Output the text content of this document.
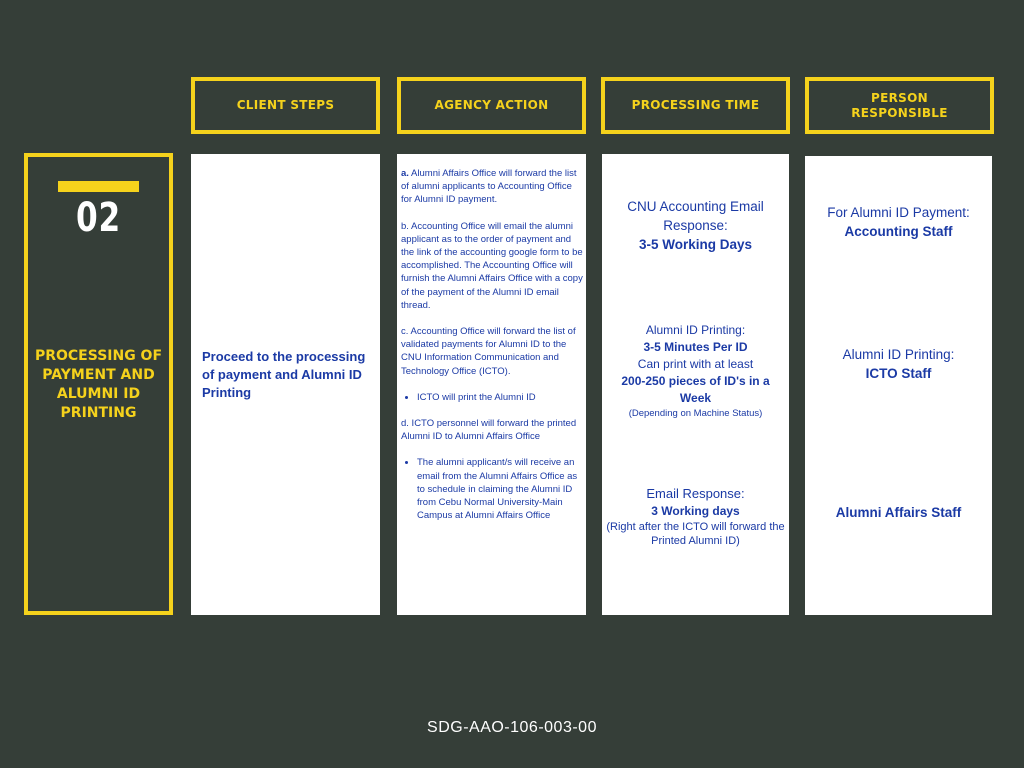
CLIENT STEPS	AGENCY ACTION	PROCESSING TIME
PERSON
RESPONSIBLE
02
PROCESSING OF PAYMENT AND ALUMNI ID PRINTING
Proceed to the processing of payment and Alumni ID Printing

a. Alumni Affairs Office will forward the list of alumni applicants to Accounting Office for Alumni ID payment.

b. Accounting Office will email the alumni applicant as to the order of payment and the link of the accounting google form to be accomplished. The Accounting Office will furnish the Alumni Affairs Office with a copy of the payment of the Alumni ID email thread.

c. Accounting Office will forward the list of validated payments for Alumni ID to the CNU Information Communication and Technology Office (ICTO).

• ICTO will print the Alumni ID

d. ICTO personnel will forward the printed Alumni ID to Alumni Affairs Office

• The alumni applicant/s will receive an email from the Alumni Affairs Office as to schedule in claiming the Alumni ID from Cebu Normal University-Main Campus at Alumni Affairs Office
CNU Accounting Email
Response:
3-5 Working Days
Alumni ID Printing:
3-5 Minutes Per ID
Can print with at least
200-250 pieces of ID's in a Week
(Depending on Machine Status)
Email Response:
3 Working days
(Right after the ICTO will forward the Printed Alumni ID)
For Alumni ID Payment:
Accounting Staff
Alumni ID Printing:
ICTO Staff
Alumni Affairs Staff
SDG-AAO-106-003-00
